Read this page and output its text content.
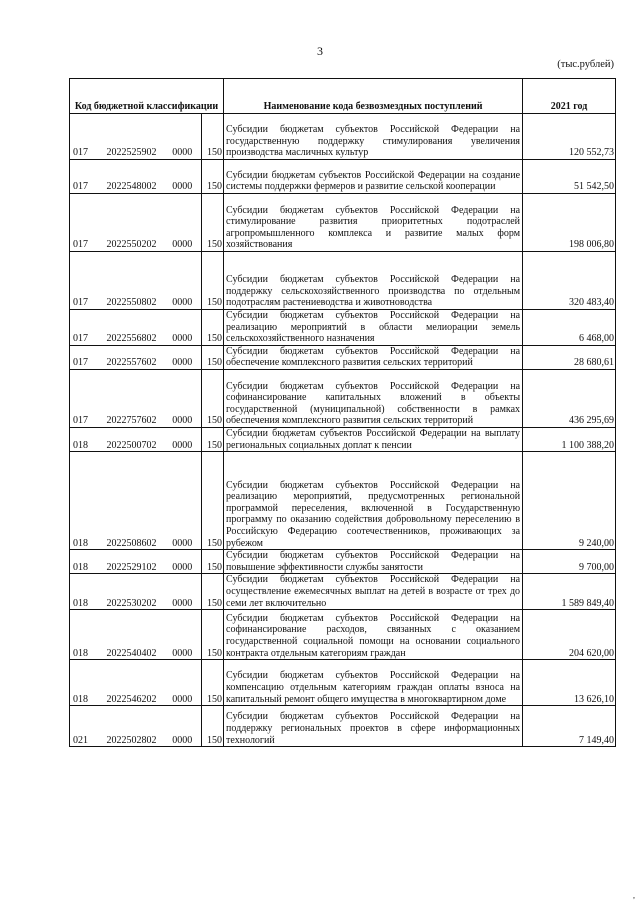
3
(тыс.рублей)
Код бюджетной классификации				Наименование кода безвозмездных поступлений	2021 год
017	2022525902	0000	150	Субсидии бюджетам субъектов Российской Федерации на государственную поддержку стимулирования увеличения производства масличных культур	120 552,73
017	2022548002	0000	150	Субсидии бюджетам субъектов Российской Федерации на создание системы поддержки фермеров и развитие сельской кооперации	51 542,50
017	2022550202	0000	150	Субсидии бюджетам субъектов Российской Федерации на стимулирование развития приоритетных подотраслей агропромышленного комплекса и развитие малых форм хозяйствования	198 006,80
017	2022550802	0000	150	Субсидии бюджетам субъектов Российской Федерации на поддержку сельскохозяйственного производства по отдельным подотраслям растениеводства и животноводства	320 483,40
017	2022556802	0000	150	Субсидии бюджетам субъектов Российской Федерации на реализацию мероприятий в области мелиорации земель сельскохозяйственного назначения	6 468,00
017	2022557602	0000	150	Субсидии бюджетам субъектов Российской Федерации на обеспечение комплексного развития сельских территорий	28 680,61
017	2022757602	0000	150	Субсидии бюджетам субъектов Российской Федерации на софинансирование капитальных вложений в объекты государственной (муниципальной) собственности в рамках обеспечения комплексного развития сельских территорий	436 295,69
018	2022500702	0000	150	Субсидии бюджетам субъектов Российской Федерации на выплату региональных социальных доплат к пенсии	1 100 388,20
018	2022508602	0000	150	Субсидии бюджетам субъектов Российской Федерации на реализацию мероприятий, предусмотренных региональной программой переселения, включенной в Государственную программу по оказанию содействия добровольному переселению в Российскую Федерацию соотечественников, проживающих за рубежом	9 240,00
018	2022529102	0000	150	Субсидии бюджетам субъектов Российской Федерации на повышение эффективности службы занятости	9 700,00
018	2022530202	0000	150	Субсидии бюджетам субъектов Российской Федерации на осуществление ежемесячных выплат на детей в возрасте от трех до семи лет включительно	1 589 849,40
018	2022540402	0000	150	Субсидии бюджетам субъектов Российской Федерации на софинансирование расходов, связанных с оказанием государственной социальной помощи на основании социального контракта отдельным категориям граждан	204 620,00
018	2022546202	0000	150	Субсидии бюджетам субъектов Российской Федерации на компенсацию отдельным категориям граждан оплаты взноса на капитальный ремонт общего имущества в многоквартирном доме	13 626,10
021	2022502802	0000	150	Субсидии бюджетам субъектов Российской Федерации на поддержку региональных проектов в сфере информационных технологий	7 149,40
,
